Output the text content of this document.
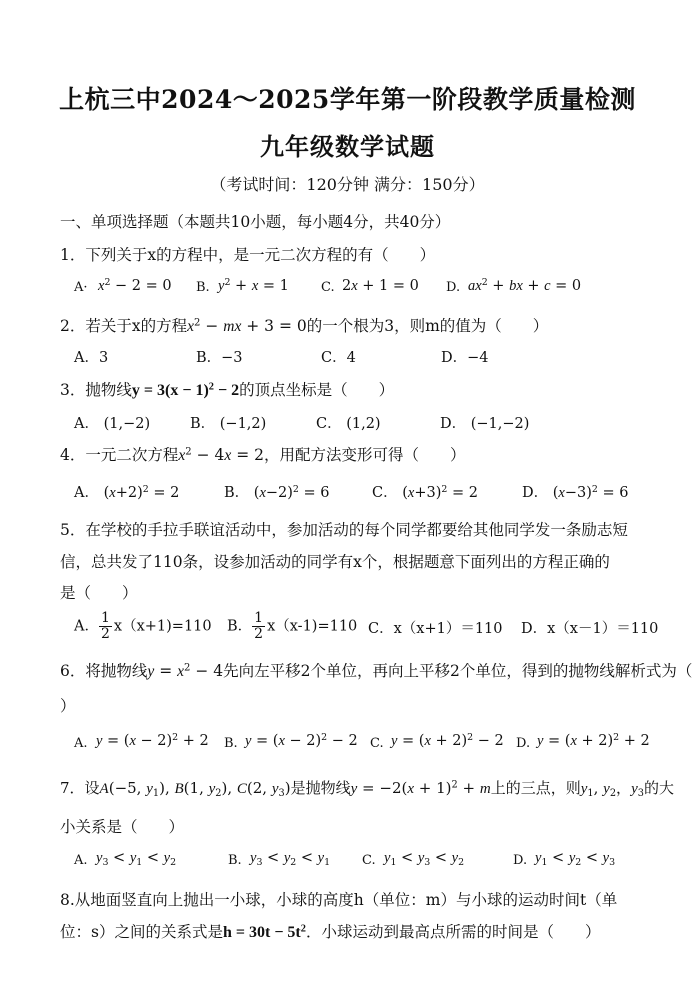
上杭三中2024～2025学年第一阶段教学质量检测
九年级数学试题
（考试时间：120分钟 满分：150分）
一、单项选择题（本题共10小题，每小题4分，共40分）
1．下列关于x的方程中，是一元二次方程的有（　　）
$A\cdot x^2 - 2 = 0$ B. $y^2 + x = 1$ C. 2x + 1 = 0 D. $ax^2$ + bx + c = 0
2．若关于x的方程$x^2$ − mx + 3 = 0的一个根为3，则m的值为（　　）
A．3	B．−3	C．4	D．−4
3．抛物线$y = 3(x - 1)^2 - 2$的顶点坐标是（　　）
A． (1,−2)	B． (−1,2)	C． (1,2)	D． (−1,−2)
4．一元二次方程$x^2 - 4x = 2$，用配方法变形可得（　　）
A． $(x+2)^2 = 2$	B． $(x-2)^2 = 6$	C． $(x+3)^2 = 2$	D． $(x-3)^2 = 6$
5．在学校的手拉手联谊活动中，参加活动的每个同学都要给其他同学发一条励志短
信，总共发了110条，设参加活动的同学有x个，根据题意下面列出的方程正确的
是（　　）
A． $\frac{1}{2} x(x+1)=110$ B． $\frac{1}{2} x(x-1)=110$ C．x（x+1）＝110 D．x（x－1）＝110
6．将抛物线$y = x^2 - 4$先向左平移2个单位，再向上平移2个单位，得到的抛物线解析式为（
）
A. $y = (x - 2)^2 + 2$ B. $y = (x - 2)^2 - 2$ C. $y = (x + 2)^2 - 2$ D. $y = (x + 2)^2 + 2$
7．设A(−5, $y_1$), B(1, $y_2$), C(2, $y_3$)是抛物线$y = -2(x + 1)^2 + m$上的三点，则$y_1$, $y_2$，$y_3$的大
小关系是（　　）
A. $y_3 < y_1 < y_2$	B. $y_3 < y_2 < y_1$ C. $y_1 < y_3 < y_2$	D. $y_1 < y_2 < y_3$
8.从地面竖直向上抛出一小球，小球的高度h（单位：m）与小球的运动时间t（单
位：s）之间的关系式是$h = 30t - 5t^2$．小球运动到最高点所需的时间是（　　）
